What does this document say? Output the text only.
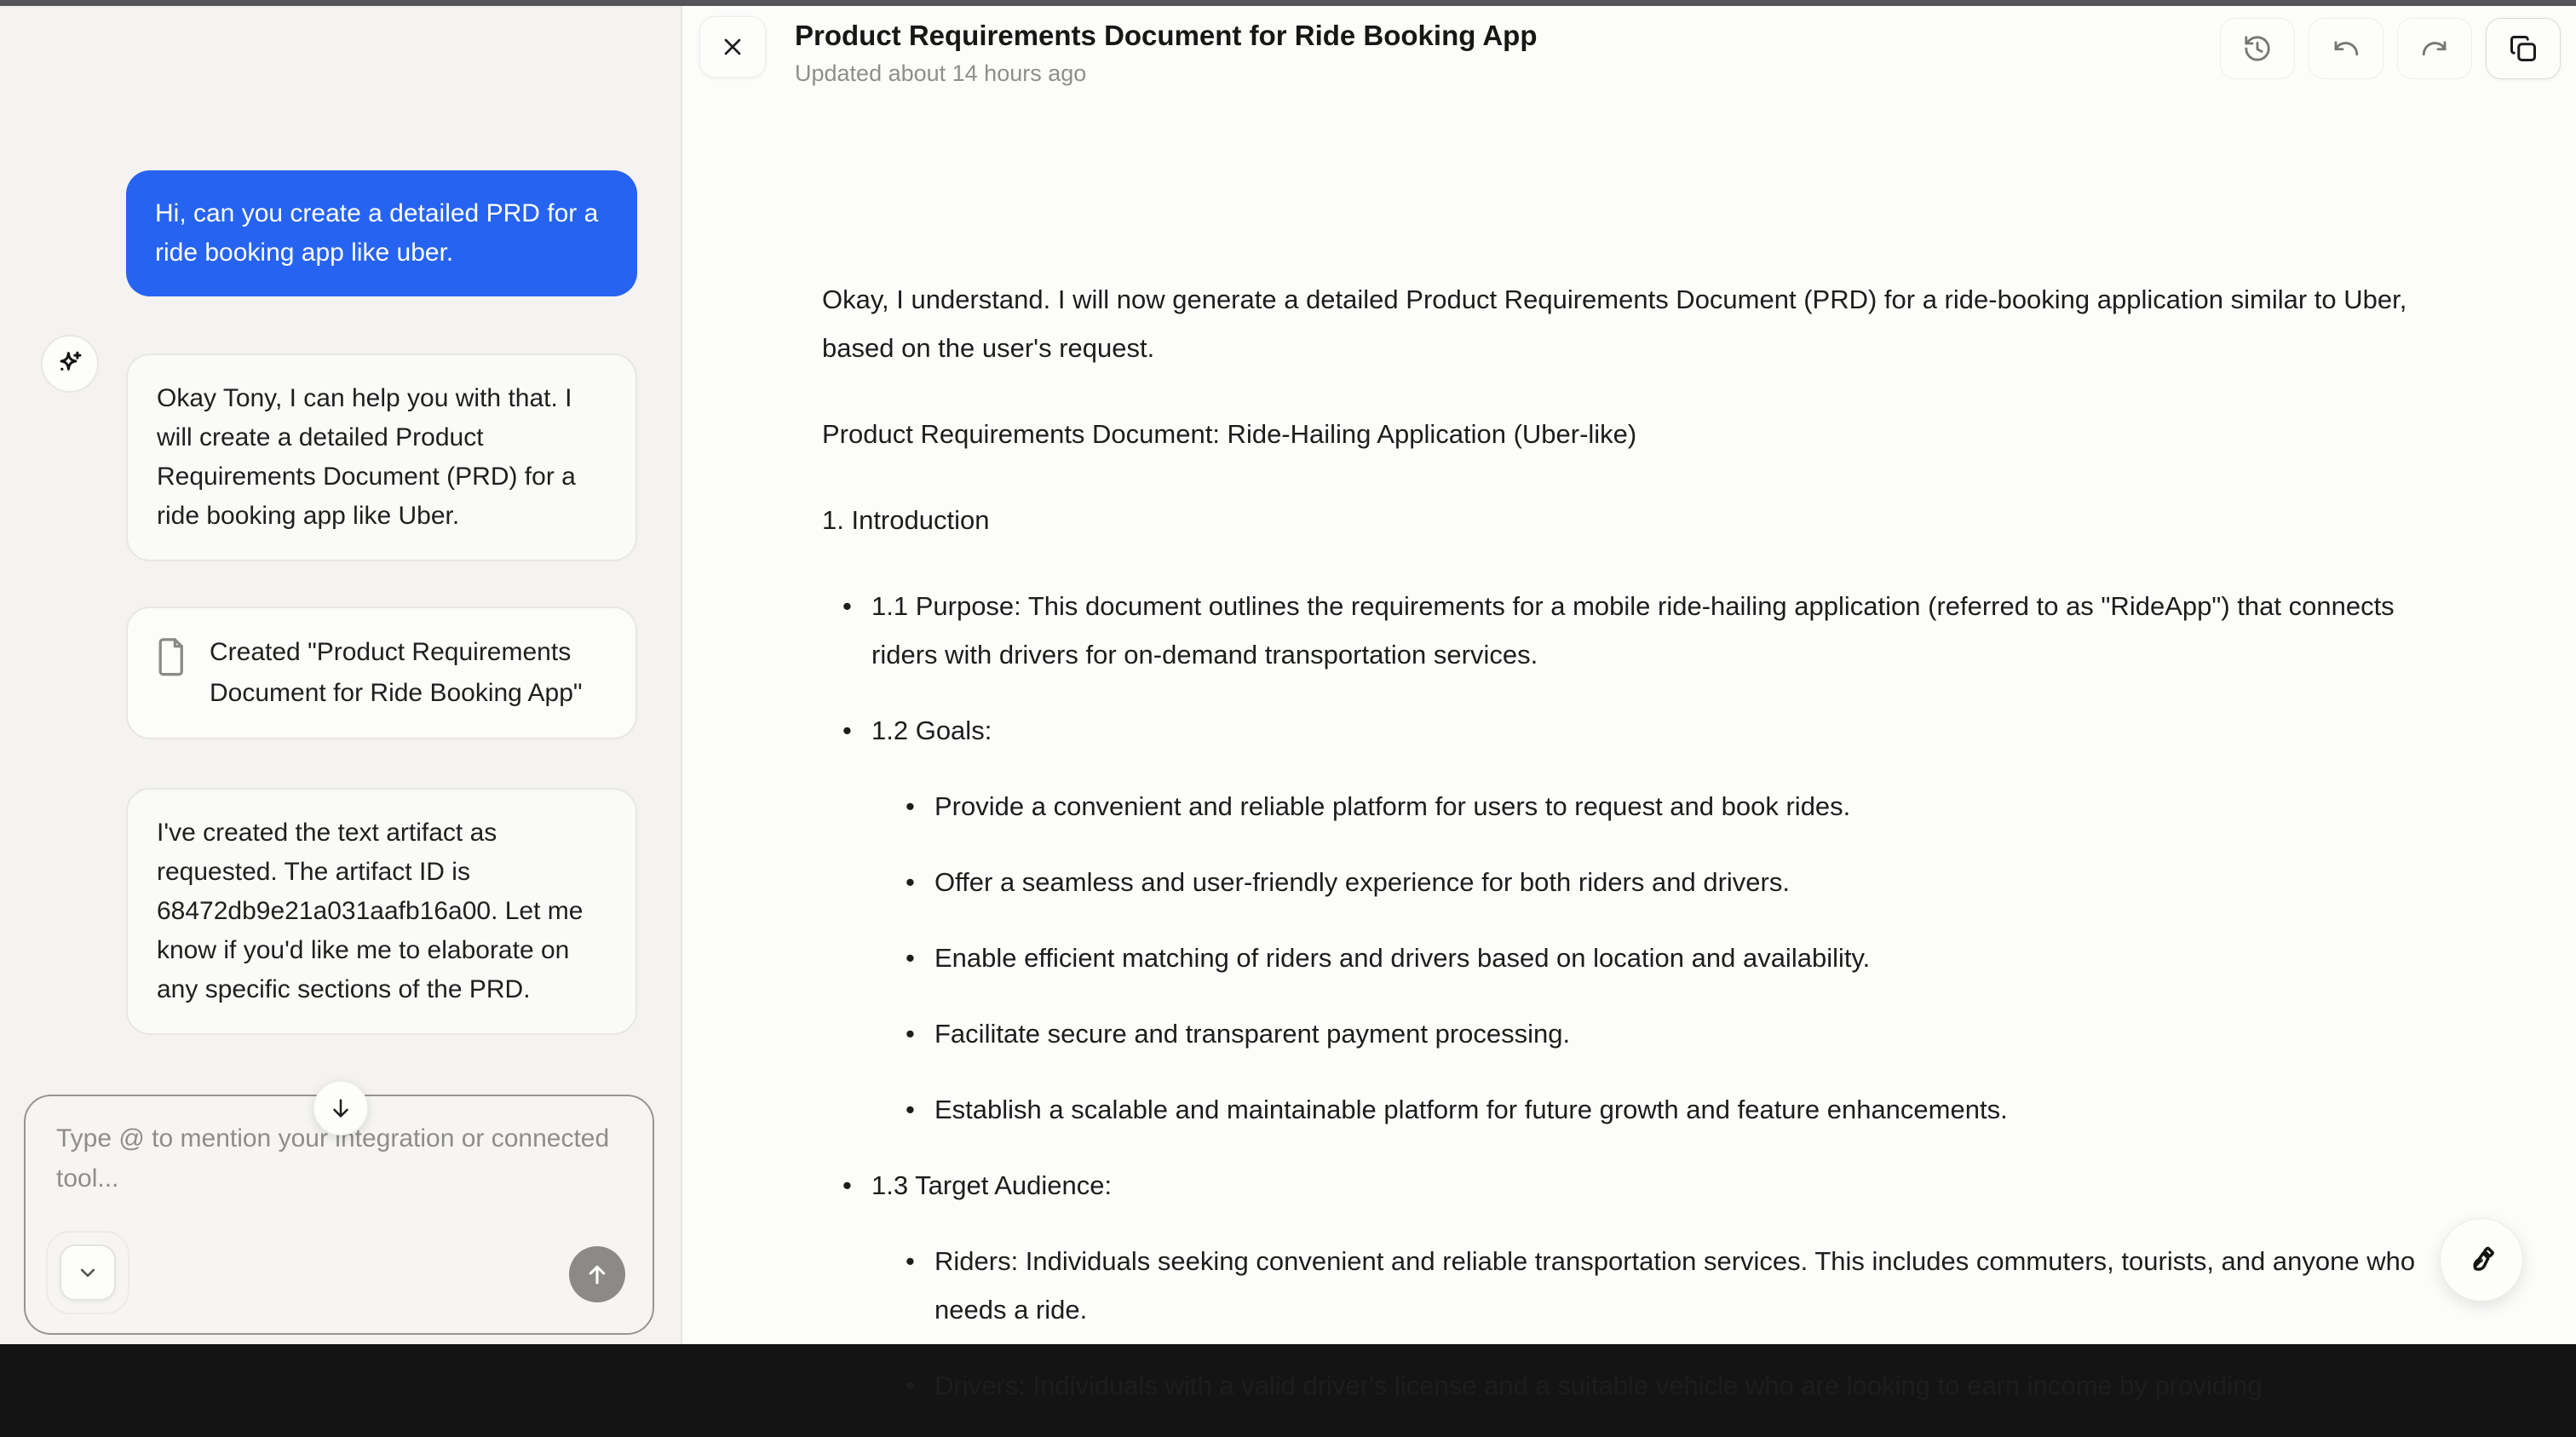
Hi, can you create a detailed PRD for a ride booking app like uber.
Okay Tony, I can help you with that. I will create a detailed Product Requirements Document (PRD) for a ride booking app like Uber.
Created "Product Requirements Document for Ride Booking App"
I've created the text artifact as requested. The artifact ID is 68472db9e21a031aafb16a00. Let me know if you'd like me to elaborate on any specific sections of the PRD.
Type @ to mention your integration or connected tool...
Product Requirements Document for Ride Booking App
Updated about 14 hours ago

Okay, I understand. I will now generate a detailed Product Requirements Document (PRD) for a ride-booking application similar to Uber, based on the user's request.

Product Requirements Document: Ride-Hailing Application (Uber-like)

1. Introduction

• 1.1 Purpose: This document outlines the requirements for a mobile ride-hailing application (referred to as "RideApp") that connects riders with drivers for on-demand transportation services.
• 1.2 Goals:
• Provide a convenient and reliable platform for users to request and book rides.
• Offer a seamless and user-friendly experience for both riders and drivers.
• Enable efficient matching of riders and drivers based on location and availability.
• Facilitate secure and transparent payment processing.
• Establish a scalable and maintainable platform for future growth and feature enhancements.
• 1.3 Target Audience:
• Riders: Individuals seeking convenient and reliable transportation services. This includes commuters, tourists, and anyone who needs a ride.
• Drivers: Individuals with a valid driver's license and a suitable vehicle who are looking to earn income by providing
